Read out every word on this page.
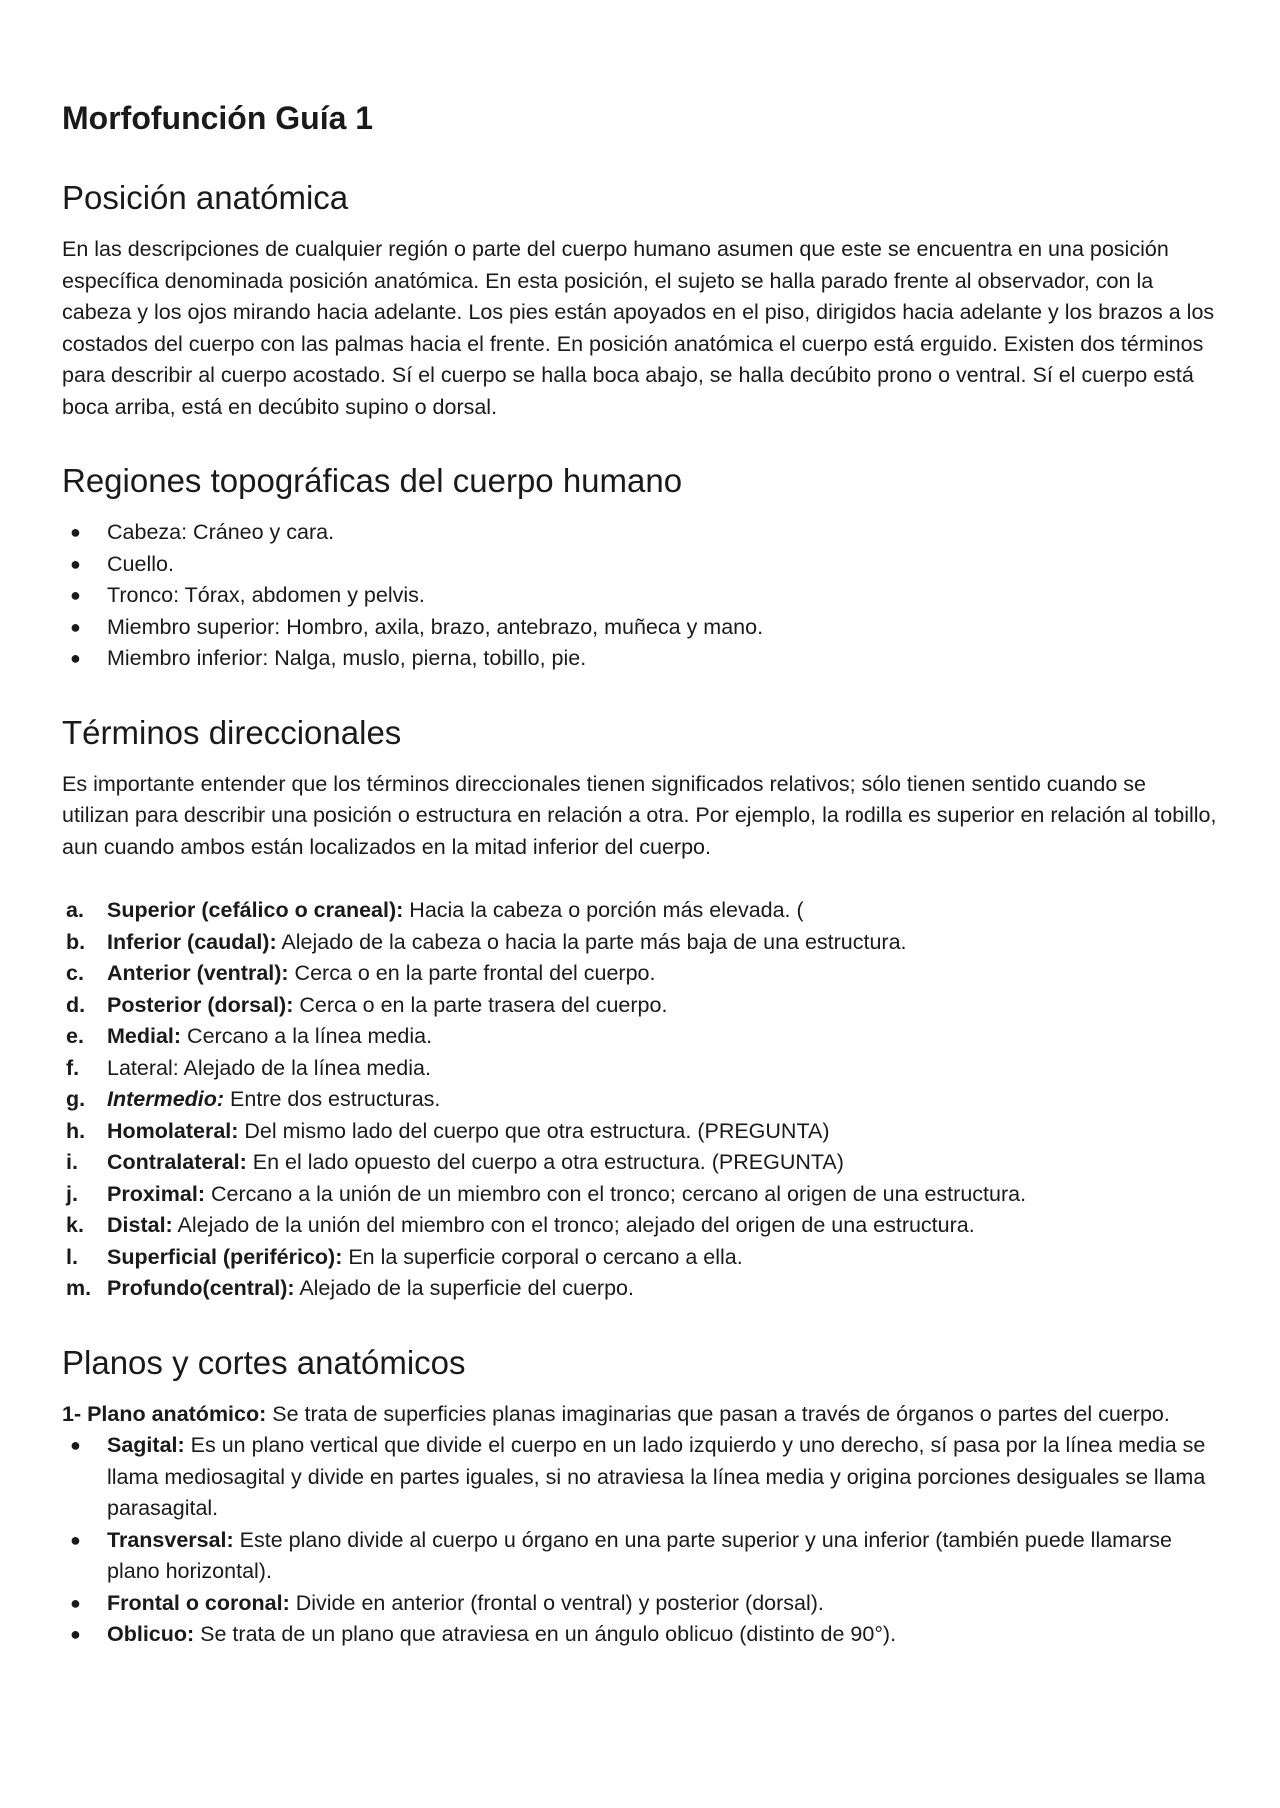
Morfofunción Guía 1
Posición anatómica

En las descripciones de cualquier región o parte del cuerpo humano asumen que este se encuentra en una posición específica denominada posición anatómica. En esta posición, el sujeto se halla parado frente al observador, con la cabeza y los ojos mirando hacia adelante. Los pies están apoyados en el piso, dirigidos hacia adelante y los brazos a los costados del cuerpo con las palmas hacia el frente. En posición anatómica el cuerpo está erguido. Existen dos términos para describir al cuerpo acostado. Sí el cuerpo se halla boca abajo, se halla decúbito prono o ventral. Sí el cuerpo está boca arriba, está en decúbito supino o dorsal.

Regiones topográficas del cuerpo humano
● Cabeza: Cráneo y cara.
● Cuello.
● Tronco: Tórax, abdomen y pelvis.
● Miembro superior: Hombro, axila, brazo, antebrazo, muñeca y mano.
● Miembro inferior: Nalga, muslo, pierna, tobillo, pie.
Términos direccionales

Es importante entender que los términos direccionales tienen significados relativos; sólo tienen sentido cuando se utilizan para describir una posición o estructura en relación a otra. Por ejemplo, la rodilla es superior en relación al tobillo, aun cuando ambos están localizados en la mitad inferior del cuerpo.

a. Superior (cefálico o craneal): Hacia la cabeza o porción más elevada. (
b. Inferior (caudal): Alejado de la cabeza o hacia la parte más baja de una estructura.
c. Anterior (ventral): Cerca o en la parte frontal del cuerpo.
d. Posterior (dorsal): Cerca o en la parte trasera del cuerpo.
e. Medial: Cercano a la línea media.
f. Lateral: Alejado de la línea media.
g. Intermedio: Entre dos estructuras.
h. Homolateral: Del mismo lado del cuerpo que otra estructura. (PREGUNTA)
i. Contralateral: En el lado opuesto del cuerpo a otra estructura. (PREGUNTA)
j. Proximal: Cercano a la unión de un miembro con el tronco; cercano al origen de una estructura.
k. Distal: Alejado de la unión del miembro con el tronco; alejado del origen de una estructura.
l. Superficial (periférico): En la superficie corporal o cercano a ella.
m. Profundo(central): Alejado de la superficie del cuerpo.
Planos y cortes anatómicos

1- Plano anatómico: Se trata de superficies planas imaginarias que pasan a través de órganos o partes del cuerpo.

● Sagital: Es un plano vertical que divide el cuerpo en un lado izquierdo y uno derecho, sí pasa por la línea media se llama mediosagital y divide en partes iguales, si no atraviesa la línea media y origina porciones desiguales se llama parasagital.
● Transversal: Este plano divide al cuerpo u órgano en una parte superior y una inferior (también puede llamarse plano horizontal).
● Frontal o coronal: Divide en anterior (frontal o ventral) y posterior (dorsal).
● Oblicuo: Se trata de un plano que atraviesa en un ángulo oblicuo (distinto de 90°).
